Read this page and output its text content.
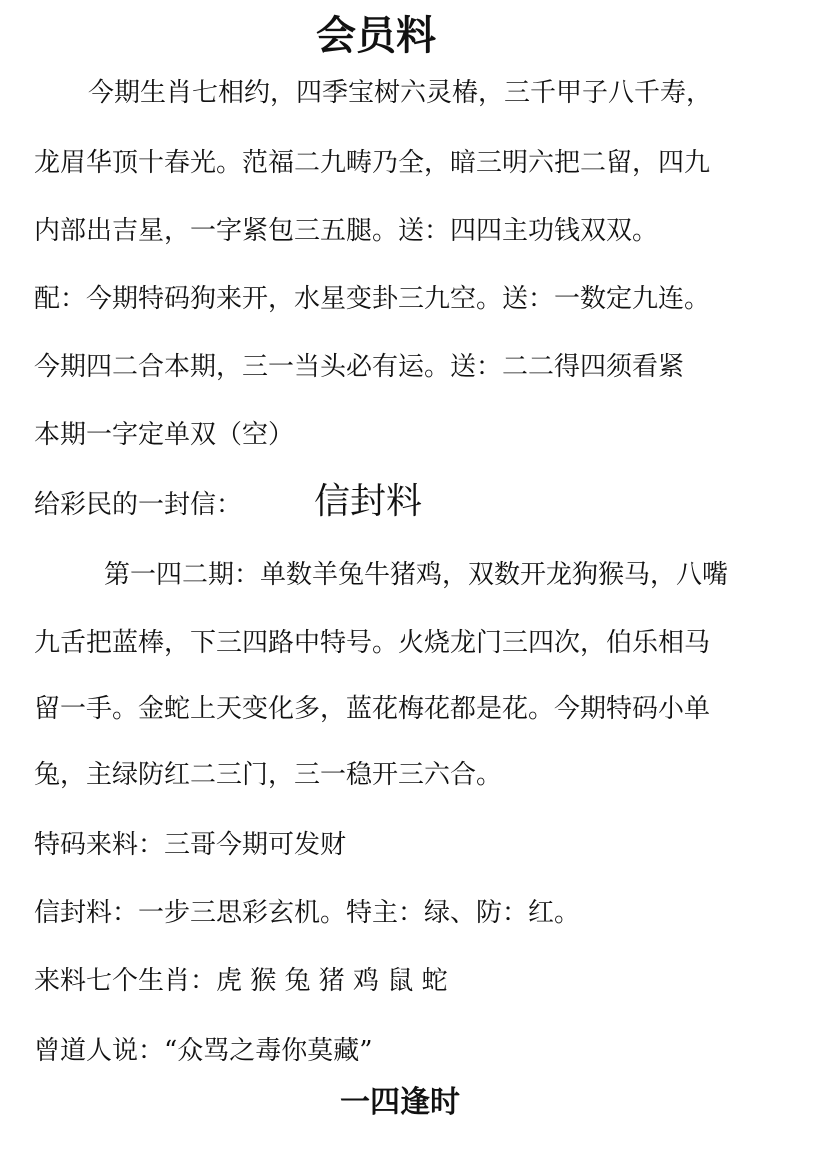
会员料
今期生肖七相约，四季宝树六灵椿，三千甲子八千寿，
龙眉华顶十春光。范福二九畴乃全，暗三明六把二留，四九
内部出吉星，一字紧包三五腿。送：四四主功钱双双。
配：今期特码狗来开，水星变卦三九空。送：一数定九连。
今期四二合本期，三一当头必有运。送：二二得四须看紧
本期一字定单双（空）
给彩民的一封信： 信封料
第一四二期：单数羊兔牛猪鸡，双数开龙狗猴马，八嘴
九舌把蓝棒，下三四路中特号。火烧龙门三四次，伯乐相马
留一手。金蛇上天变化多，蓝花梅花都是花。今期特码小单
兔，主绿防红二三门，三一稳开三六合。
特码来料：三哥今期可发财
信封料：一步三思彩玄机。特主：绿、防：红。
来料七个生肖：虎 猴 兔 猪 鸡 鼠 蛇
曾道人说：“众骂之毒你莫藏”
一四逢时
